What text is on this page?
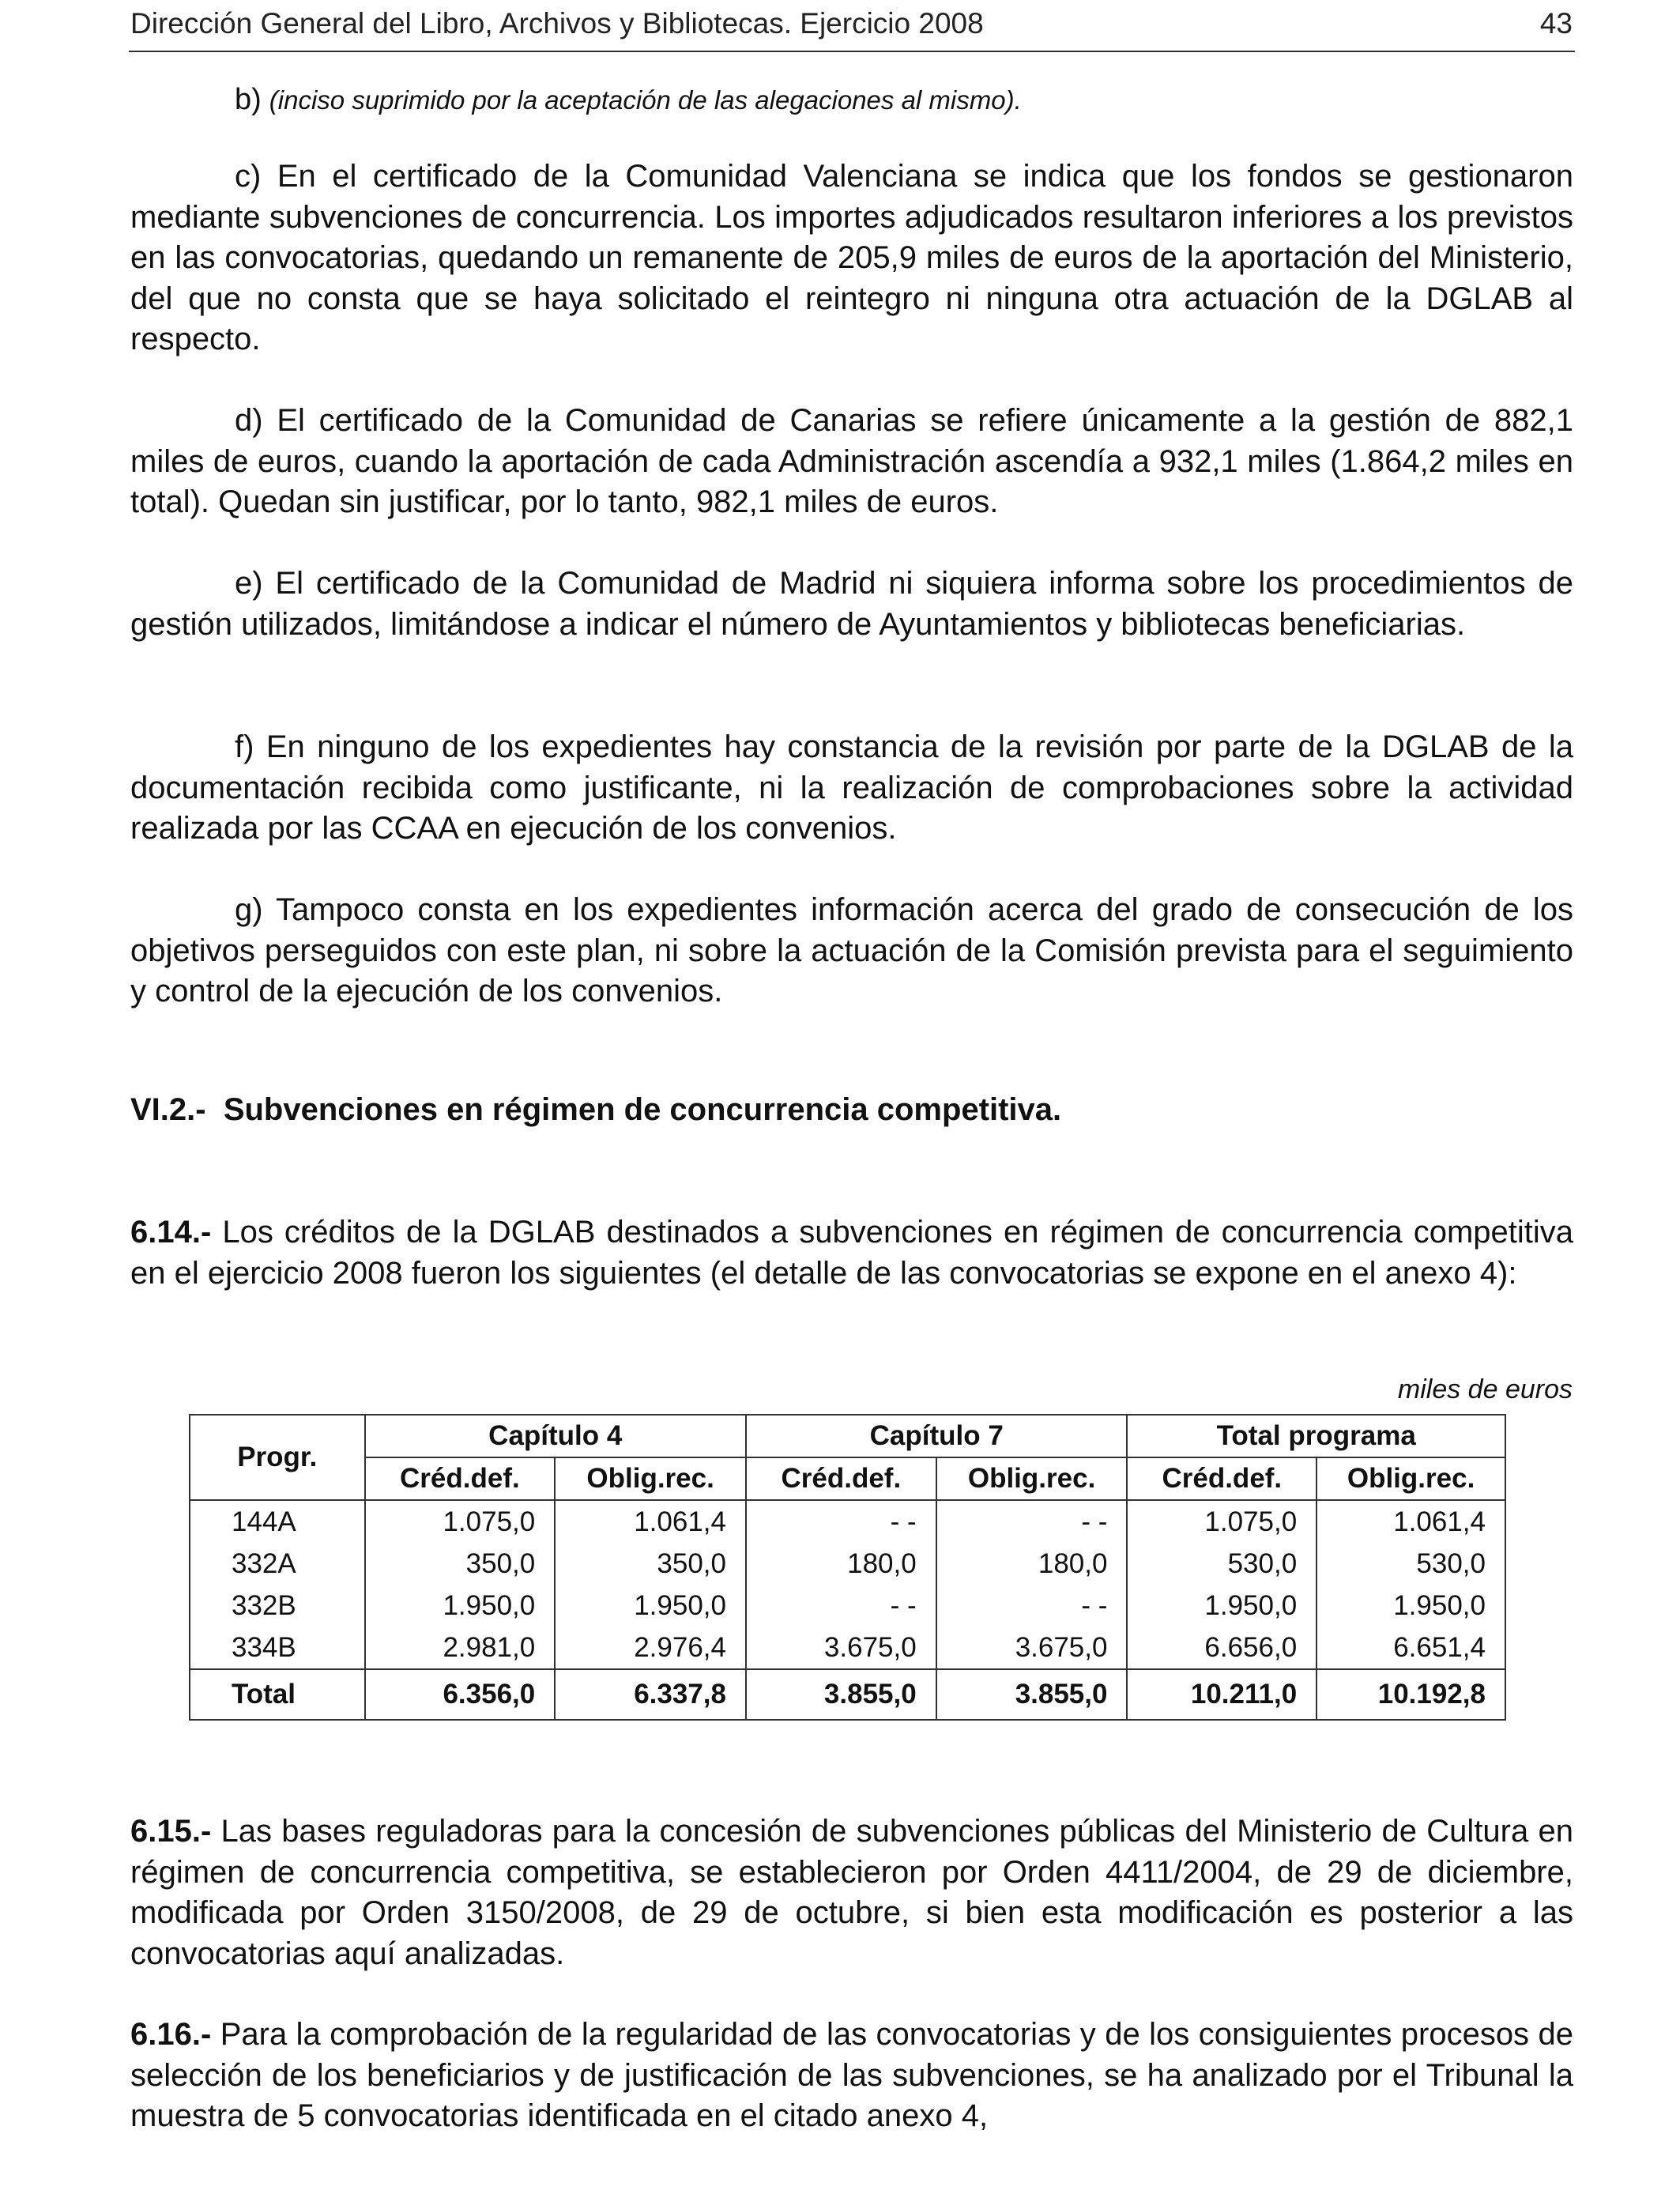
Dirección General del Libro, Archivos y Bibliotecas. Ejercicio 2008	43
b) (inciso suprimido por la aceptación de las alegaciones al mismo).

c) En el certificado de la Comunidad Valenciana se indica que los fondos se gestionaron mediante subvenciones de concurrencia. Los importes adjudicados resultaron inferiores a los previstos en las convocatorias, quedando un remanente de 205,9 miles de euros de la aportación del Ministerio, del que no consta que se haya solicitado el reintegro ni ninguna otra actuación de la DGLAB al respecto.

d) El certificado de la Comunidad de Canarias se refiere únicamente a la gestión de 882,1 miles de euros, cuando la aportación de cada Administración ascendía a 932,1 miles (1.864,2 miles en total). Quedan sin justificar, por lo tanto, 982,1 miles de euros.

e) El certificado de la Comunidad de Madrid ni siquiera informa sobre los procedimientos de gestión utilizados, limitándose a indicar el número de Ayuntamientos y bibliotecas beneficiarias.

f) En ninguno de los expedientes hay constancia de la revisión por parte de la DGLAB de la documentación recibida como justificante, ni la realización de comprobaciones sobre la actividad realizada por las CCAA en ejecución de los convenios.

g) Tampoco consta en los expedientes información acerca del grado de consecución de los objetivos perseguidos con este plan, ni sobre la actuación de la Comisión prevista para el seguimiento y control de la ejecución de los convenios.

VI.2.-  Subvenciones en régimen de concurrencia competitiva.

6.14.- Los créditos de la DGLAB destinados a subvenciones en régimen de concurrencia competitiva en el ejercicio 2008 fueron los siguientes (el detalle de las convocatorias se expone en el anexo 4):

miles de euros
Progr.	Capítulo 4		Capítulo 7		Total programa	
	Créd.def.	Oblig.rec.	Créd.def.	Oblig.rec.	Créd.def.	Oblig.rec.
144A	1.075,0	1.061,4	- -	- -	1.075,0	1.061,4
332A	350,0	350,0	180,0	180,0	530,0	530,0
332B	1.950,0	1.950,0	- -	- -	1.950,0	1.950,0
334B	2.981,0	2.976,4	3.675,0	3.675,0	6.656,0	6.651,4
Total	6.356,0	6.337,8	3.855,0	3.855,0	10.211,0	10.192,8

6.15.- Las bases reguladoras para la concesión de subvenciones públicas del Ministerio de Cultura en régimen de concurrencia competitiva, se establecieron por Orden 4411/2004, de 29 de diciembre, modificada por Orden 3150/2008, de 29 de octubre, si bien esta modificación es posterior a las convocatorias aquí analizadas.

6.16.- Para la comprobación de la regularidad de las convocatorias y de los consiguientes procesos de selección de los beneficiarios y de justificación de las subvenciones, se ha analizado por el Tribunal la muestra de 5 convocatorias identificada en el citado anexo 4,
